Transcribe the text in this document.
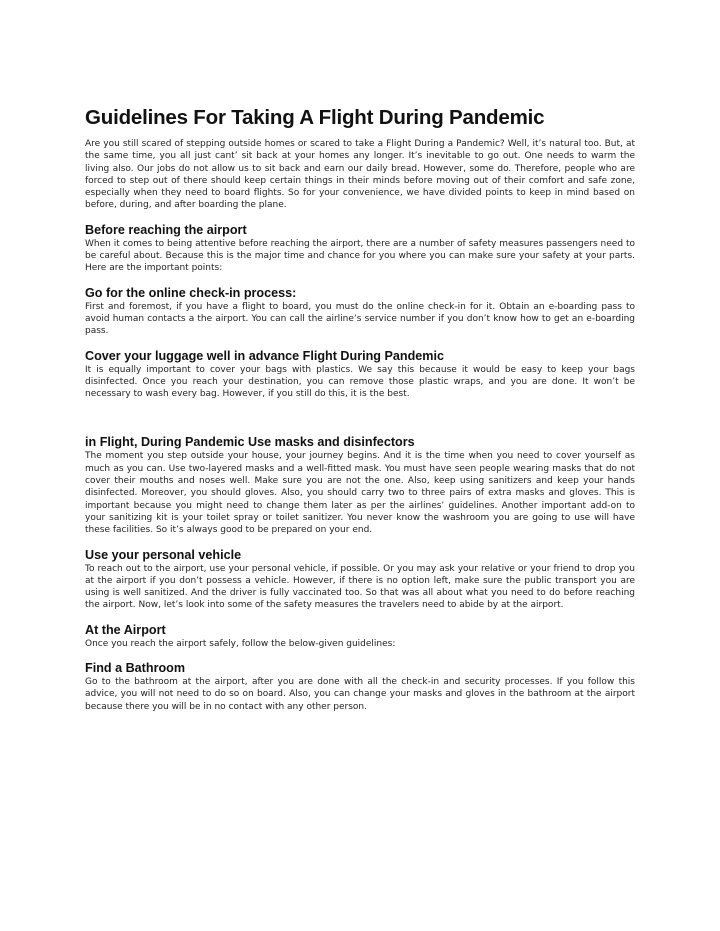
Guidelines For Taking A Flight During Pandemic

Are you still scared of stepping outside homes or scared to take a Flight During a Pandemic? Well, it’s natural too. But, at the same time, you all just cant’ sit back at your homes any longer. It’s inevitable to go out. One needs to warm the living also. Our jobs do not allow us to sit back and earn our daily bread. However, some do. Therefore, people who are forced to step out of there should keep certain things in their minds before moving out of their comfort and safe zone, especially when they need to board flights. So for your convenience, we have divided points to keep in mind based on before, during, and after boarding the plane.

Before reaching the airport

When it comes to being attentive before reaching the airport, there are a number of safety measures passengers need to be careful about. Because this is the major time and chance for you where you can make sure your safety at your parts. Here are the important points:

Go for the online check-in process:

First and foremost, if you have a flight to board, you must do the online check-in for it. Obtain an e-boarding pass to avoid human contacts a the airport. You can call the airline’s service number if you don’t know how to get an e-boarding pass.

Cover your luggage well in advance Flight During Pandemic

It is equally important to cover your bags with plastics. We say this because it would be easy to keep your bags disinfected. Once you reach your destination, you can remove those plastic wraps, and you are done. It won’t be necessary to wash every bag. However, if you still do this, it is the best.

in Flight, During Pandemic Use masks and disinfectors

The moment you step outside your house, your journey begins. And it is the time when you need to cover yourself as much as you can. Use two-layered masks and a well-fitted mask. You must have seen people wearing masks that do not cover their mouths and noses well. Make sure you are not the one. Also, keep using sanitizers and keep your hands disinfected. Moreover, you should gloves. Also, you should carry two to three pairs of extra masks and gloves. This is important because you might need to change them later as per the airlines’ guidelines. Another important add-on to your sanitizing kit is your toilet spray or toilet sanitizer. You never know the washroom you are going to use will have these facilities. So it’s always good to be prepared on your end.

Use your personal vehicle

To reach out to the airport, use your personal vehicle, if possible. Or you may ask your relative or your friend to drop you at the airport if you don’t possess a vehicle. However, if there is no option left, make sure the public transport you are using is well sanitized. And the driver is fully vaccinated too. So that was all about what you need to do before reaching the airport. Now, let’s look into some of the safety measures the travelers need to abide by at the airport.

At the Airport

Once you reach the airport safely, follow the below-given guidelines:

Find a Bathroom

Go to the bathroom at the airport, after you are done with all the check-in and security processes. If you follow this advice, you will not need to do so on board. Also, you can change your masks and gloves in the bathroom at the airport because there you will be in no contact with any other person.
